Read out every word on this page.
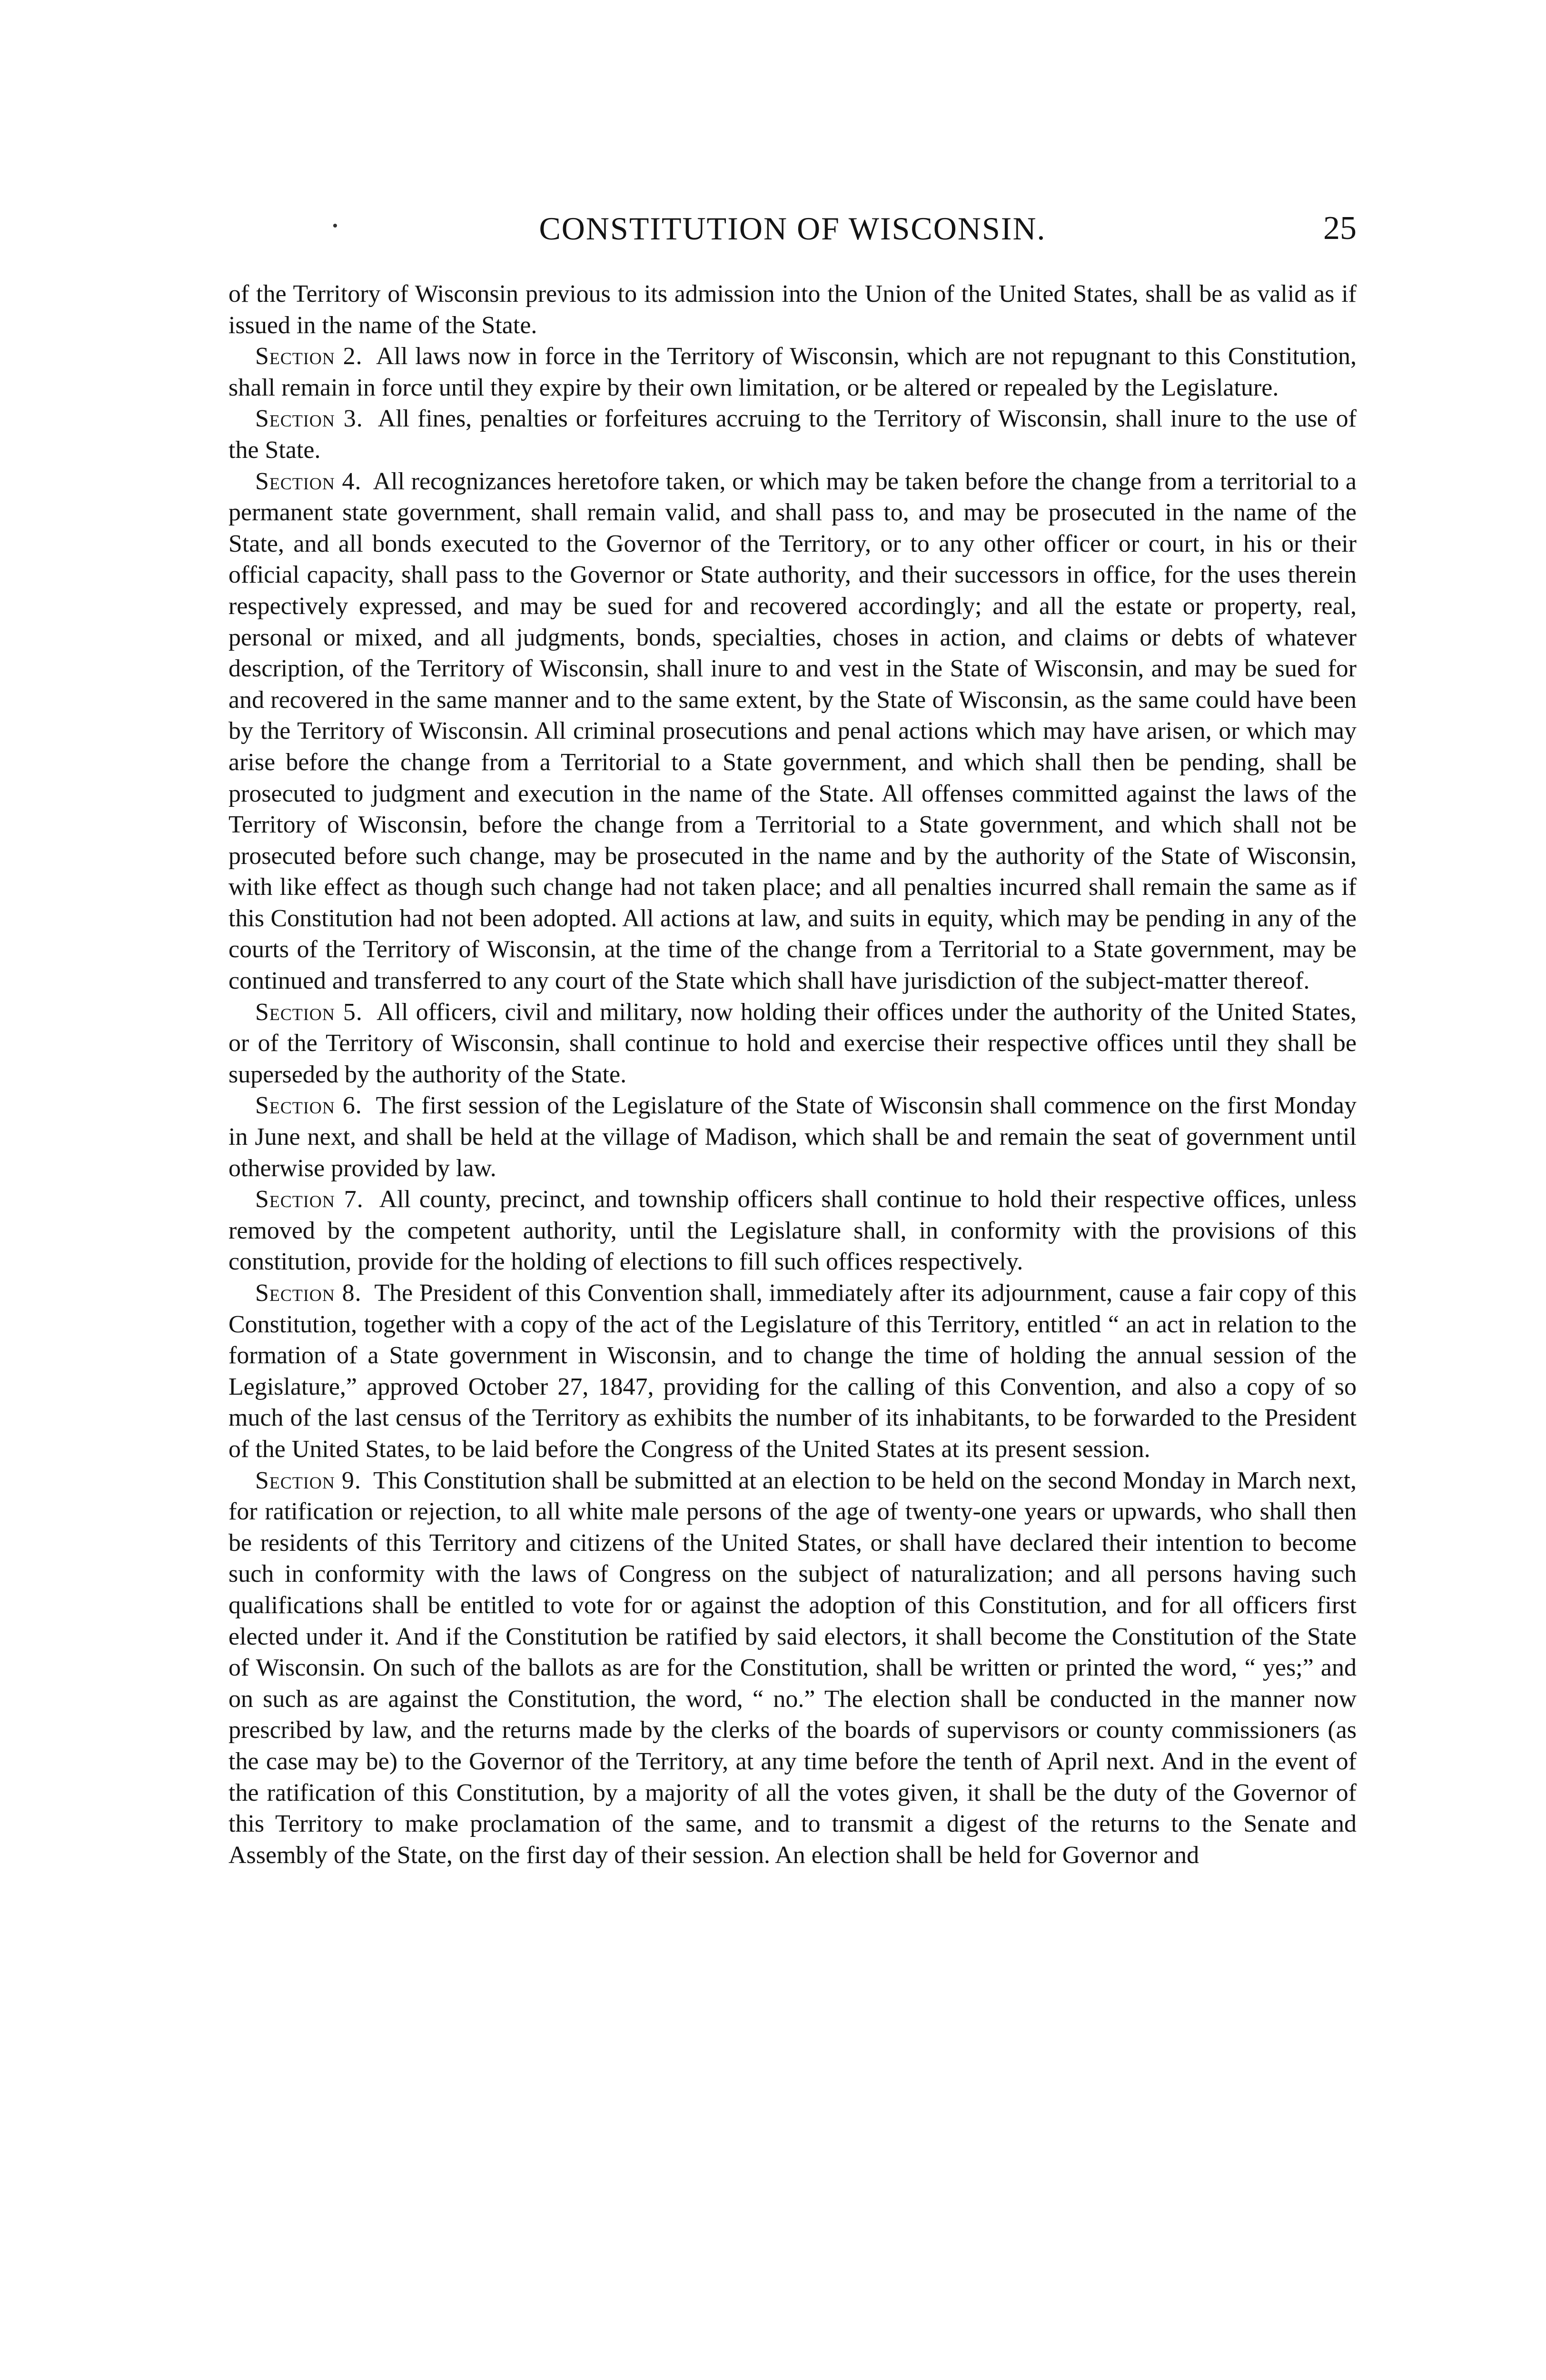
CONSTITUTION OF WISCONSIN.	25

of the Territory of Wisconsin previous to its admission into the Union of the United States, shall be as valid as if issued in the name of the State.

Section 2. All laws now in force in the Territory of Wisconsin, which are not repugnant to this Constitution, shall remain in force until they expire by their own limitation, or be altered or repealed by the Legislature.

Section 3. All fines, penalties or forfeitures accruing to the Territory of Wisconsin, shall inure to the use of the State.

Section 4. All recognizances heretofore taken, or which may be taken before the change from a territorial to a permanent state government, shall remain valid, and shall pass to, and may be prosecuted in the name of the State, and all bonds executed to the Governor of the Territory, or to any other officer or court, in his or their official capacity, shall pass to the Governor or State authority, and their successors in office, for the uses therein respectively expressed, and may be sued for and recovered accordingly; and all the estate or property, real, personal or mixed, and all judgments, bonds, specialties, choses in action, and claims or debts of whatever description, of the Territory of Wisconsin, shall inure to and vest in the State of Wisconsin, and may be sued for and recovered in the same manner and to the same extent, by the State of Wisconsin, as the same could have been by the Territory of Wisconsin. All criminal prosecutions and penal actions which may have arisen, or which may arise before the change from a Territorial to a State government, and which shall then be pending, shall be prosecuted to judgment and execution in the name of the State. All offenses committed against the laws of the Territory of Wisconsin, before the change from a Territorial to a State government, and which shall not be prosecuted before such change, may be prosecuted in the name and by the authority of the State of Wisconsin, with like effect as though such change had not taken place; and all penalties incurred shall remain the same as if this Constitution had not been adopted. All actions at law, and suits in equity, which may be pending in any of the courts of the Territory of Wisconsin, at the time of the change from a Territorial to a State government, may be continued and transferred to any court of the State which shall have jurisdiction of the subject-matter thereof.

Section 5. All officers, civil and military, now holding their offices under the authority of the United States, or of the Territory of Wisconsin, shall continue to hold and exercise their respective offices until they shall be superseded by the authority of the State.

Section 6. The first session of the Legislature of the State of Wisconsin shall commence on the first Monday in June next, and shall be held at the village of Madison, which shall be and remain the seat of government until otherwise provided by law.

Section 7. All county, precinct, and township officers shall continue to hold their respective offices, unless removed by the competent authority, until the Legislature shall, in conformity with the provisions of this constitution, provide for the holding of elections to fill such offices respectively.

Section 8. The President of this Convention shall, immediately after its adjournment, cause a fair copy of this Constitution, together with a copy of the act of the Legislature of this Territory, entitled “ an act in relation to the formation of a State government in Wisconsin, and to change the time of holding the annual session of the Legislature,” approved October 27, 1847, providing for the calling of this Convention, and also a copy of so much of the last census of the Territory as exhibits the number of its inhabitants, to be forwarded to the President of the United States, to be laid before the Congress of the United States at its present session.

Section 9. This Constitution shall be submitted at an election to be held on the second Monday in March next, for ratification or rejection, to all white male persons of the age of twenty-one years or upwards, who shall then be residents of this Territory and citizens of the United States, or shall have declared their intention to become such in conformity with the laws of Congress on the subject of naturalization; and all persons having such qualifications shall be entitled to vote for or against the adoption of this Constitution, and for all officers first elected under it. And if the Constitution be ratified by said electors, it shall become the Constitution of the State of Wisconsin. On such of the ballots as are for the Constitution, shall be written or printed the word, “ yes;” and on such as are against the Constitution, the word, “ no.” The election shall be conducted in the manner now prescribed by law, and the returns made by the clerks of the boards of supervisors or county commissioners (as the case may be) to the Governor of the Territory, at any time before the tenth of April next. And in the event of the ratification of this Constitution, by a majority of all the votes given, it shall be the duty of the Governor of this Territory to make proclamation of the same, and to transmit a digest of the returns to the Senate and Assembly of the State, on the first day of their session. An election shall be held for Governor and
